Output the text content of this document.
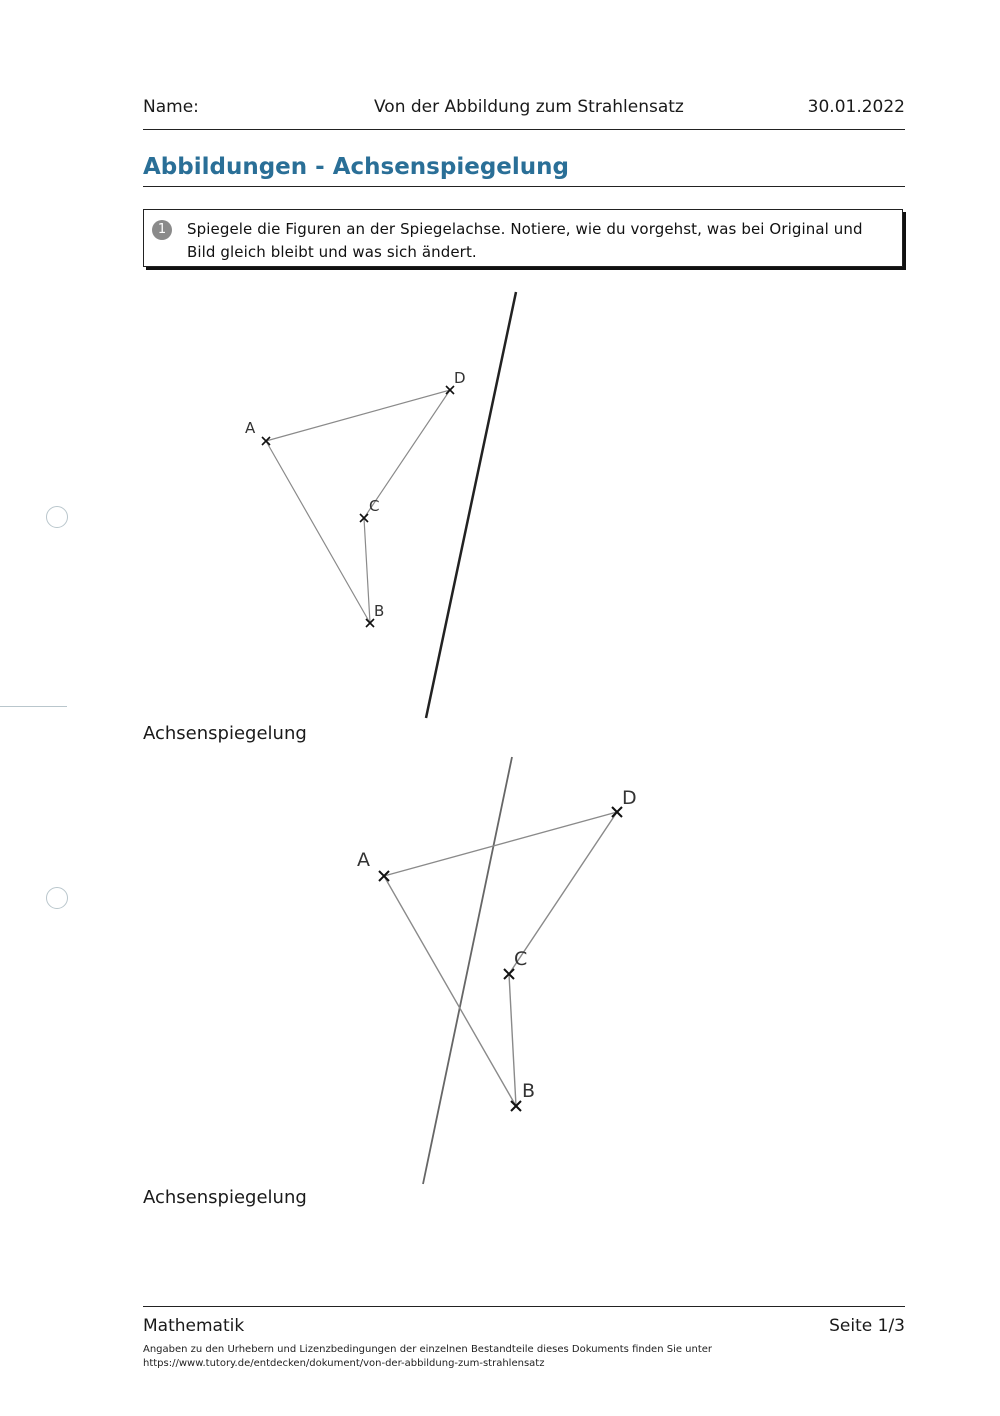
Name:	Von der Abbildung zum Strahlensatz	30.01.2022
Abbildungen - Achsenspiegelung
1	Spiegele die Figuren an der Spiegelachse. Notiere, wie du vorgehst, was bei Original und Bild gleich bleibt und was sich ändert.
A
D
C
B
A
D
C
B
Achsenspiegelung
Achsenspiegelung
Mathematik	Seite 1/3
Angaben zu den Urhebern und Lizenzbedingungen der einzelnen Bestandteile dieses Dokuments finden Sie unter
https://www.tutory.de/entdecken/dokument/von-der-abbildung-zum-strahlensatz
